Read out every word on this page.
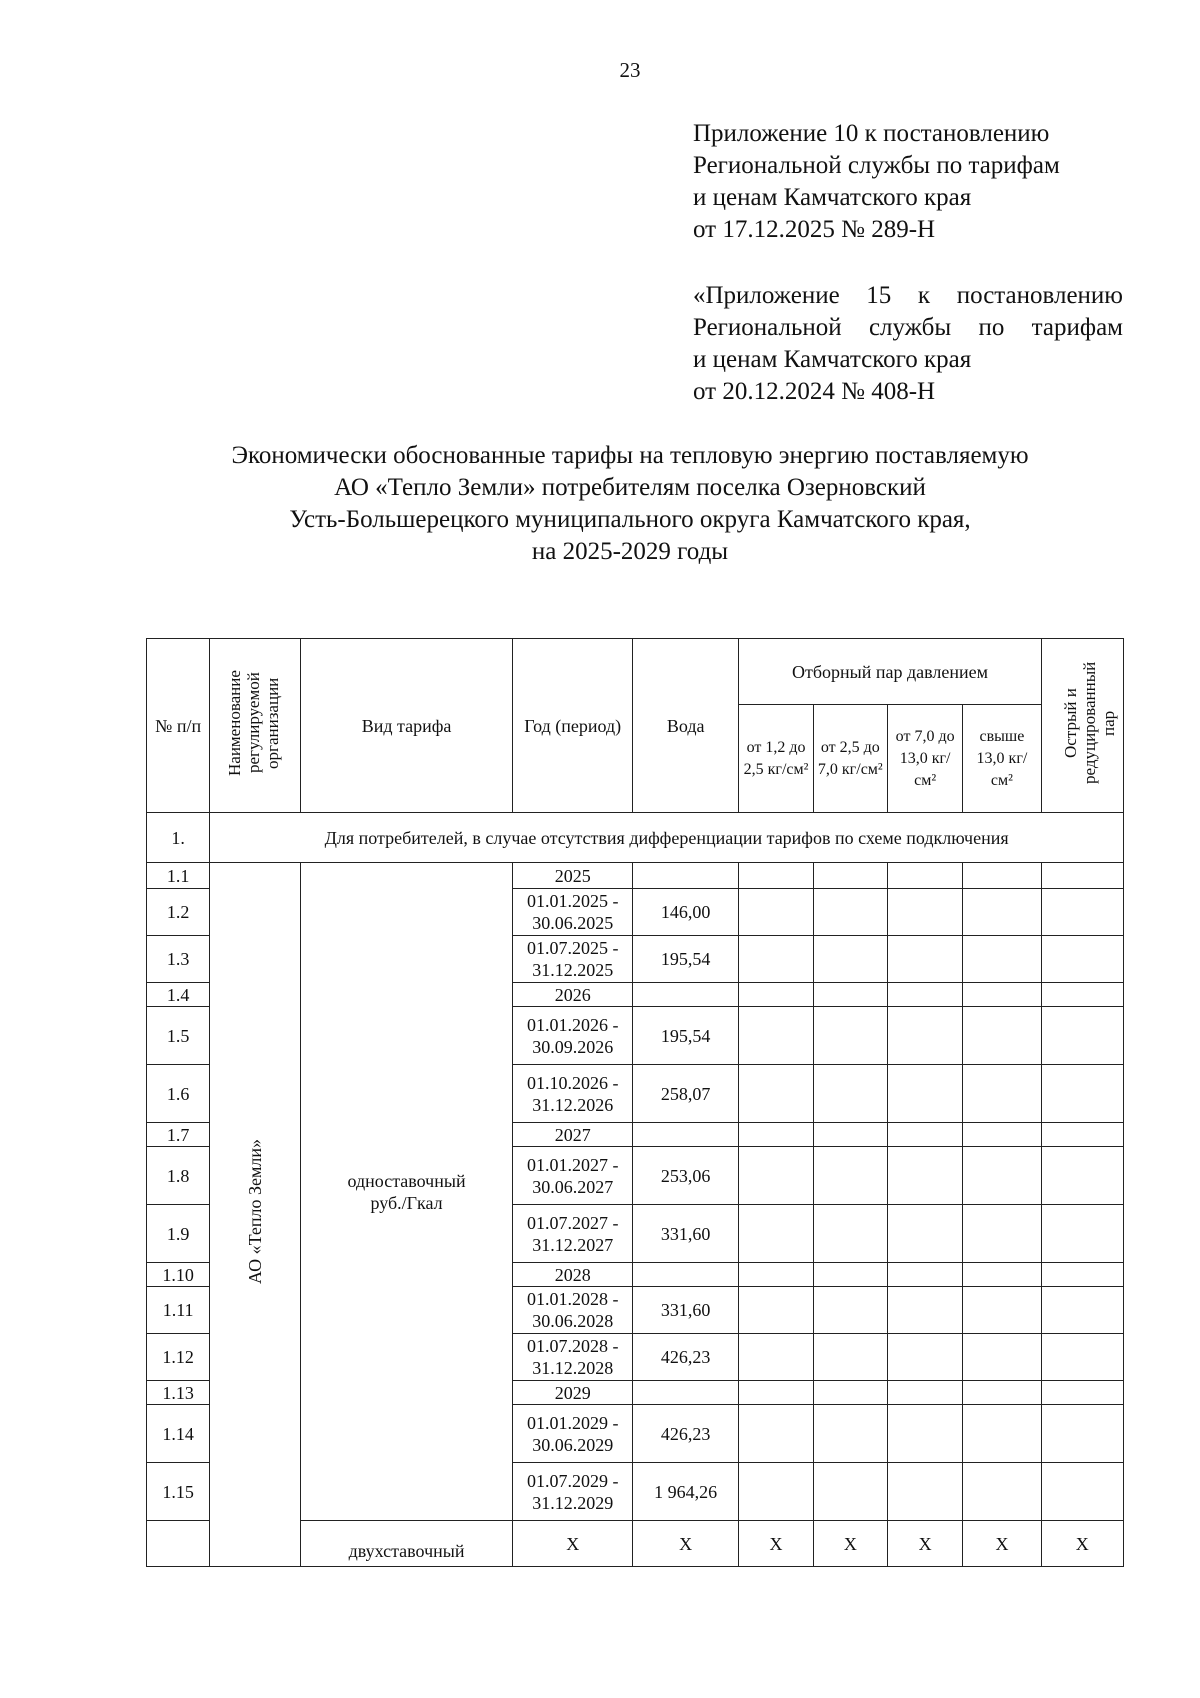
23
Приложение 10 к постановлению
Региональной службы по тарифам
и ценам Камчатского края
от 17.12.2025 № 289-Н
«Приложение 15 к постановлению
Региональной службы по тарифам
и ценам Камчатского края
от 20.12.2024 № 408-Н
Экономически обоснованные тарифы на тепловую энергию поставляемую
АО «Тепло Земли» потребителям поселка Озерновский
Усть-Большерецкого муниципального округа Камчатского края,
на 2025-2029 годы
№ п/п	Наименование регулируемой организации	Вид тарифа	Год (период)	Вода	Отборный пар давлением				Острый и редуцированный пар
					от 1,2 до 2,5 кг/см²	от 2,5 до 7,0 кг/см²	от 7,0 до 13,0 кг/см²	свыше 13,0 кг/см²	
1.	Для потребителей, в случае отсутствия дифференциации тарифов по схеме подключения								
1.1	АО «Тепло Земли»	одноставочный руб./Гкал	2025						
1.2			01.01.2025 - 30.06.2025	146,00					
1.3			01.07.2025 - 31.12.2025	195,54					
1.4			2026						
1.5			01.01.2026 - 30.09.2026	195,54					
1.6			01.10.2026 - 31.12.2026	258,07					
1.7			2027						
1.8			01.01.2027 - 30.06.2027	253,06					
1.9			01.07.2027 - 31.12.2027	331,60					
1.10			2028						
1.11			01.01.2028 - 30.06.2028	331,60					
1.12			01.07.2028 - 31.12.2028	426,23					
1.13			2029						
1.14			01.01.2029 - 30.06.2029	426,23					
1.15			01.07.2029 - 31.12.2029	1 964,26					
		двухставочный	X	X	X	X	X	X	X
